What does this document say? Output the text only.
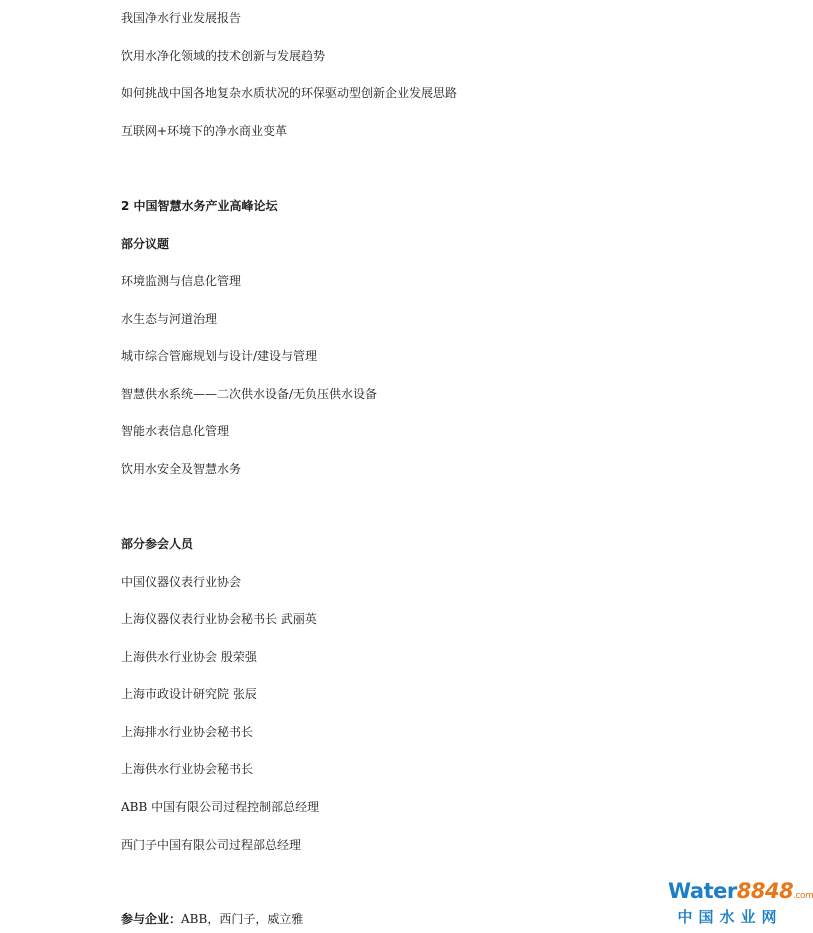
我国净水行业发展报告
饮用水净化领域的技术创新与发展趋势
如何挑战中国各地复杂水质状况的环保驱动型创新企业发展思路
互联网+环境下的净水商业变革
2 中国智慧水务产业高峰论坛
部分议题
环境监测与信息化管理
水生态与河道治理
城市综合管廊规划与设计/建设与管理
智慧供水系统——二次供水设备/无负压供水设备
智能水表信息化管理
饮用水安全及智慧水务
部分参会人员
中国仪器仪表行业协会
上海仪器仪表行业协会秘书长 武丽英
上海供水行业协会 殷荣强
上海市政设计研究院 张辰
上海排水行业协会秘书长
上海供水行业协会秘书长
ABB 中国有限公司过程控制部总经理
西门子中国有限公司过程部总经理
参与企业：ABB，西门子，威立雅
Water8848.com
中国水业网
